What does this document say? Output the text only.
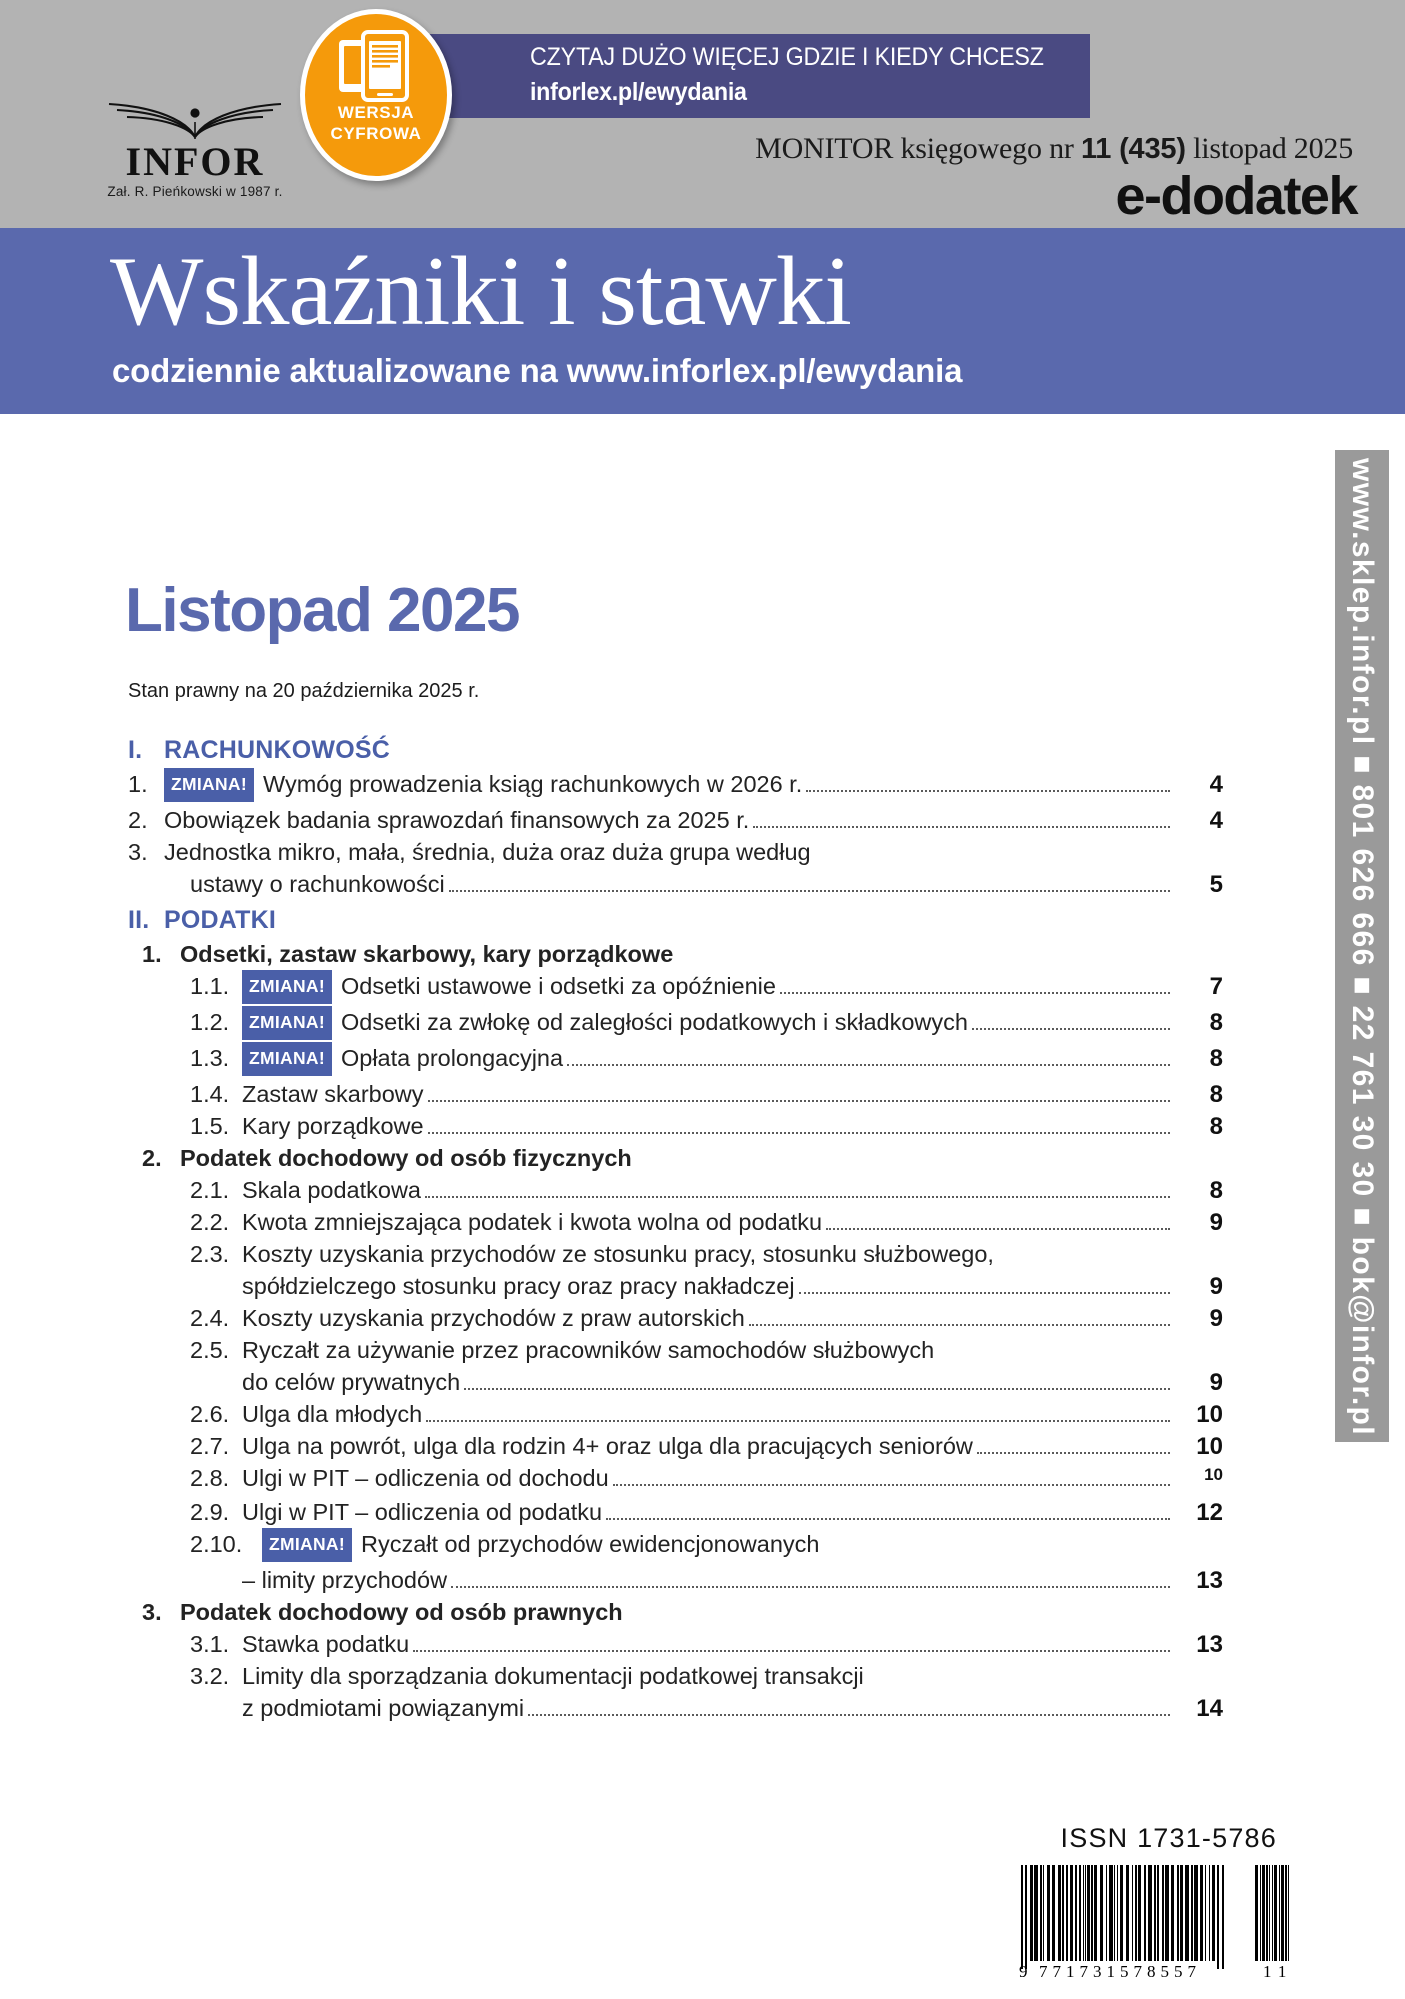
INFOR
Zał. R. Pieńkowski w 1987 r.
CZYTAJ DUŻO WIĘCEJ GDZIE I KIEDY CHCESZ
inforlex.pl/ewydania
WERSJA
CYFROWA	MONITOR księgowego nr 11 (435) listopad 2025
e-dodatek
Wskaźniki i stawki
codziennie aktualizowane na www.inforlex.pl/ewydania
www.sklep.infor.pl ■ 801 626 666 ■ 22 761 30 30 ■ bok@infor.pl
Listopad 2025
Stan prawny na 20 października 2025 r.
I. RACHUNKOWOŚĆ
1.	ZMIANA! Wymóg prowadzenia ksiąg rachunkowych w 2026 r.	4
2. Obowiązek badania sprawozdań finansowych za 2025 r.	4
3. Jednostka mikro, mała, średnia, duża oraz duża grupa według
ustawy o rachunkowości	5
II. PODATKI
1. Odsetki, zastaw skarbowy, kary porządkowe
1.1.	ZMIANA! Odsetki ustawowe i odsetki za opóźnienie	7
1.2.	ZMIANA! Odsetki za zwłokę od zaległości podatkowych i składkowych	8
1.3.	ZMIANA! Opłata prolongacyjna	8
1.4. Zastaw skarbowy	8
1.5. Kary porządkowe	8
2. Podatek dochodowy od osób fizycznych
2.1. Skala podatkowa	8
2.2. Kwota zmniejszająca podatek i kwota wolna od podatku	9
2.3. Koszty uzyskania przychodów ze stosunku pracy, stosunku służbowego,
spółdzielczego stosunku pracy oraz pracy nakładczej	9
2.4. Koszty uzyskania przychodów z praw autorskich	9
2.5. Ryczałt za używanie przez pracowników samochodów służbowych
do celów prywatnych	9
2.6. Ulga dla młodych	10
2.7. Ulga na powrót, ulga dla rodzin 4+ oraz ulga dla pracujących seniorów	10
2.8. Ulgi w PIT – odliczenia od dochodu	10
2.9. Ulgi w PIT – odliczenia od podatku	12
2.10.	ZMIANA! Ryczałt od przychodów ewidencjonowanych
– limity przychodów	13
3. Podatek dochodowy od osób prawnych
3.1. Stawka podatku	13
3.2. Limity dla sporządzania dokumentacji podatkowej transakcji
z podmiotami powiązanymi	14
ISSN 1731-5786
9 771731578557	11
